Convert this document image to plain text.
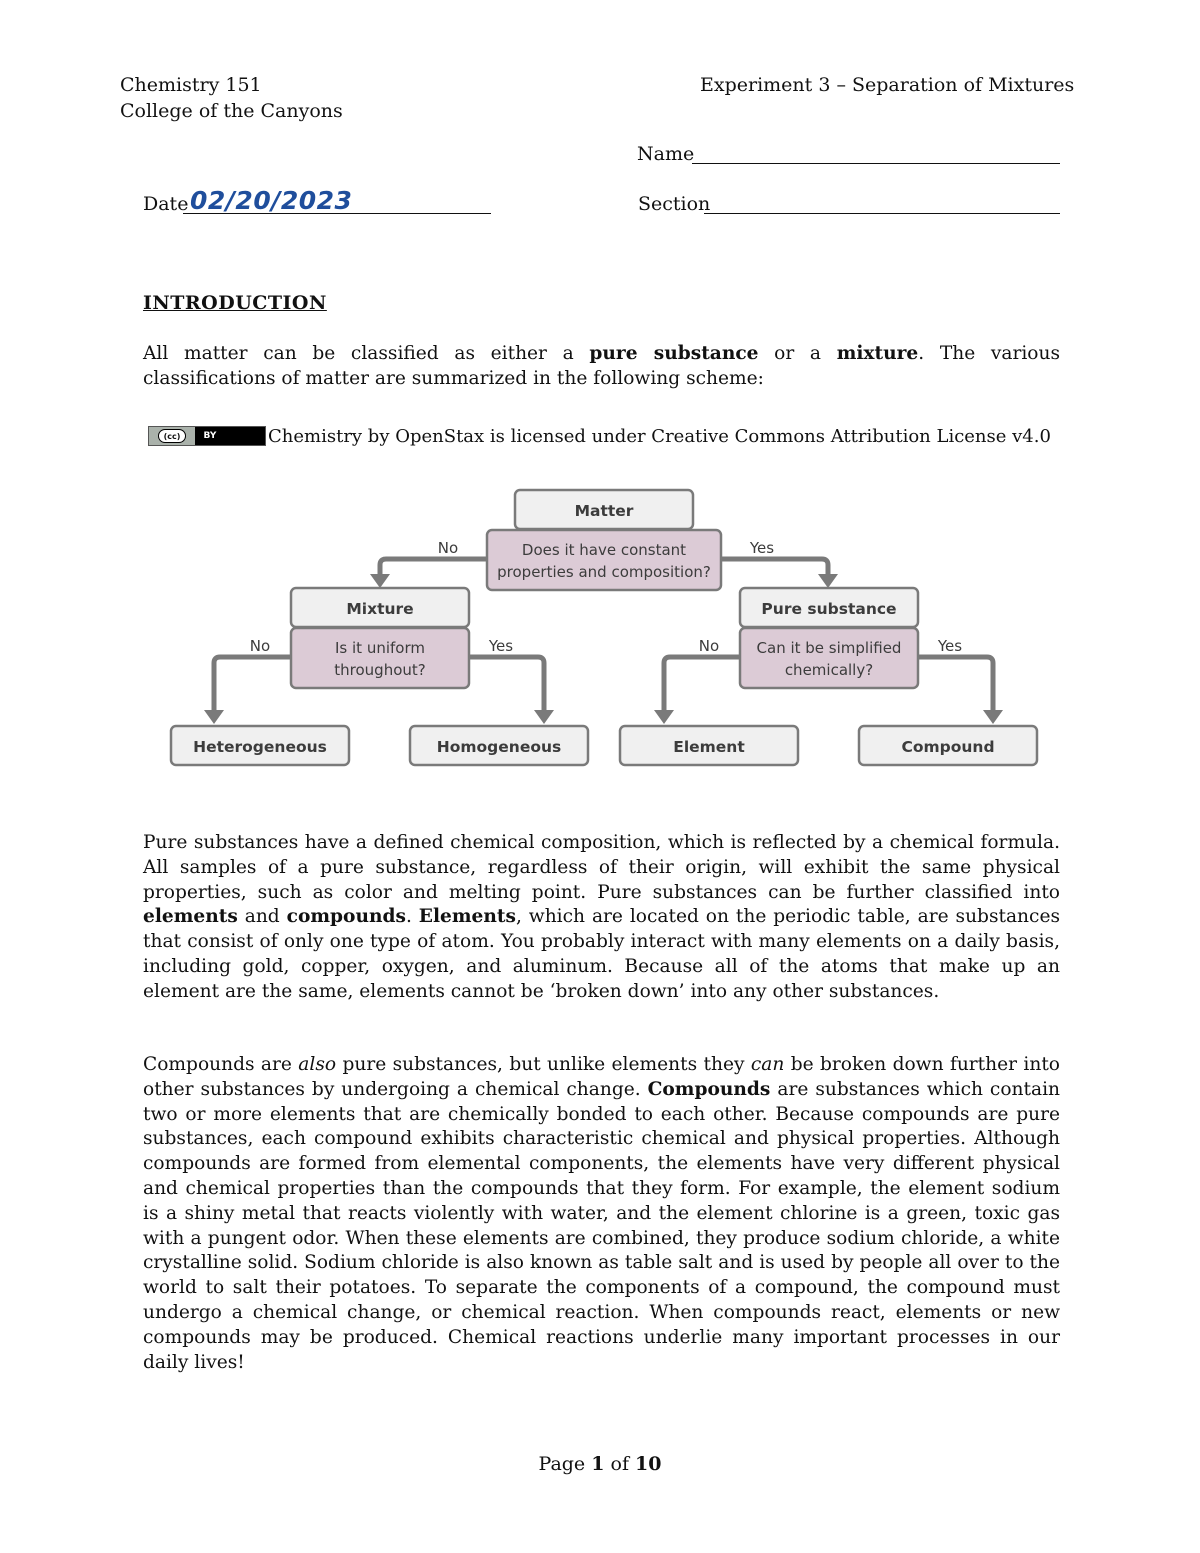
Chemistry 151
College of the Canyons
Experiment 3 – Separation of Mixtures
Name
Date 02/20/2023	Section
INTRODUCTION
All matter can be classified as either a pure substance or a mixture. The various classifications of matter are summarized in the following scheme:
(cc)	BY	Chemistry by OpenStax is licensed under Creative Commons Attribution License v4.0
No	Yes
No	Yes	No	Yes
Matter
Does it have constant
properties and composition?
Mixture
Is it uniform
throughout?
Pure substance
Can it be simplified
chemically?
Heterogeneous	Homogeneous	Element	Compound
Pure substances have a defined chemical composition, which is reflected by a chemical formula. All samples of a pure substance, regardless of their origin, will exhibit the same physical properties, such as color and melting point. Pure substances can be further classified into elements and compounds. Elements, which are located on the periodic table, are substances that consist of only one type of atom. You probably interact with many elements on a daily basis, including gold, copper, oxygen, and aluminum. Because all of the atoms that make up an element are the same, elements cannot be ‘broken down’ into any other substances.
Compounds are also pure substances, but unlike elements they can be broken down further into other substances by undergoing a chemical change. Compounds are substances which contain two or more elements that are chemically bonded to each other. Because compounds are pure substances, each compound exhibits characteristic chemical and physical properties. Although compounds are formed from elemental components, the elements have very different physical and chemical properties than the compounds that they form. For example, the element sodium is a shiny metal that reacts violently with water, and the element chlorine is a green, toxic gas with a pungent odor. When these elements are combined, they produce sodium chloride, a white crystalline solid. Sodium chloride is also known as table salt and is used by people all over to the world to salt their potatoes. To separate the components of a compound, the compound must undergo a chemical change, or chemical reaction. When compounds react, elements or new compounds may be produced. Chemical reactions underlie many important processes in our daily lives!
Page 1 of 10
